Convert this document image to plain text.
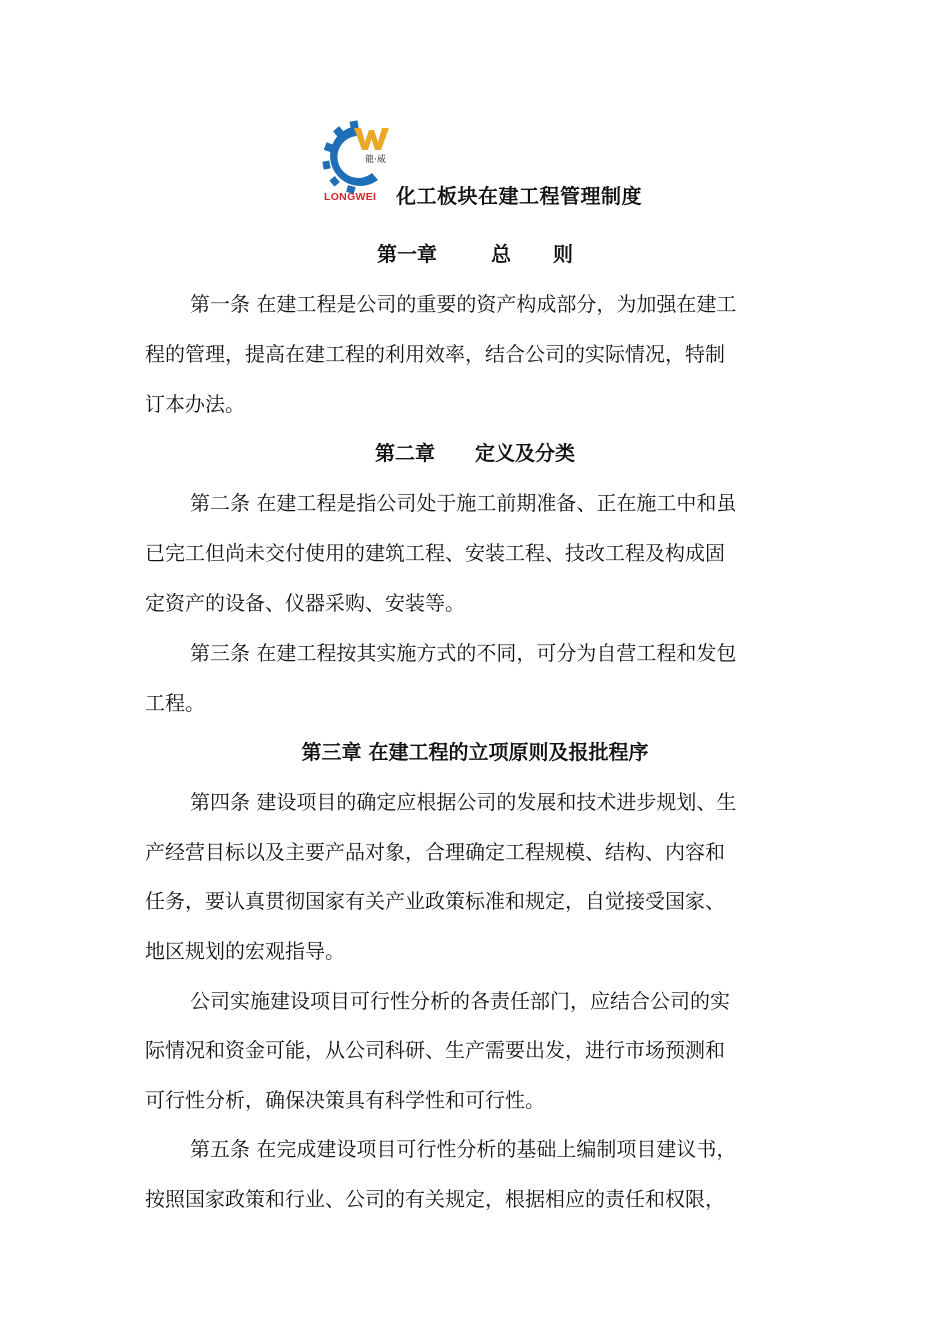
龍·威
LONGWEI 化工板块在建工程管理制度
第一章	总 则
第一条 在建工程是公司的重要的资产构成部分，为加强在建工
程的管理，提高在建工程的利用效率，结合公司的实际情况，特制
订本办法。
第二章 定义及分类
第二条 在建工程是指公司处于施工前期准备、正在施工中和虽
已完工但尚未交付使用的建筑工程、安装工程、技改工程及构成固
定资产的设备、仪器采购、安装等。
第三条 在建工程按其实施方式的不同，可分为自营工程和发包
工程。
第三章 在建工程的立项原则及报批程序
第四条 建设项目的确定应根据公司的发展和技术进步规划、生
产经营目标以及主要产品对象，合理确定工程规模、结构、内容和
任务，要认真贯彻国家有关产业政策标准和规定，自觉接受国家、
地区规划的宏观指导。
公司实施建设项目可行性分析的各责任部门，应结合公司的实
际情况和资金可能，从公司科研、生产需要出发，进行市场预测和
可行性分析，确保决策具有科学性和可行性。
第五条 在完成建设项目可行性分析的基础上编制项目建议书，
按照国家政策和行业、公司的有关规定，根据相应的责任和权限，
